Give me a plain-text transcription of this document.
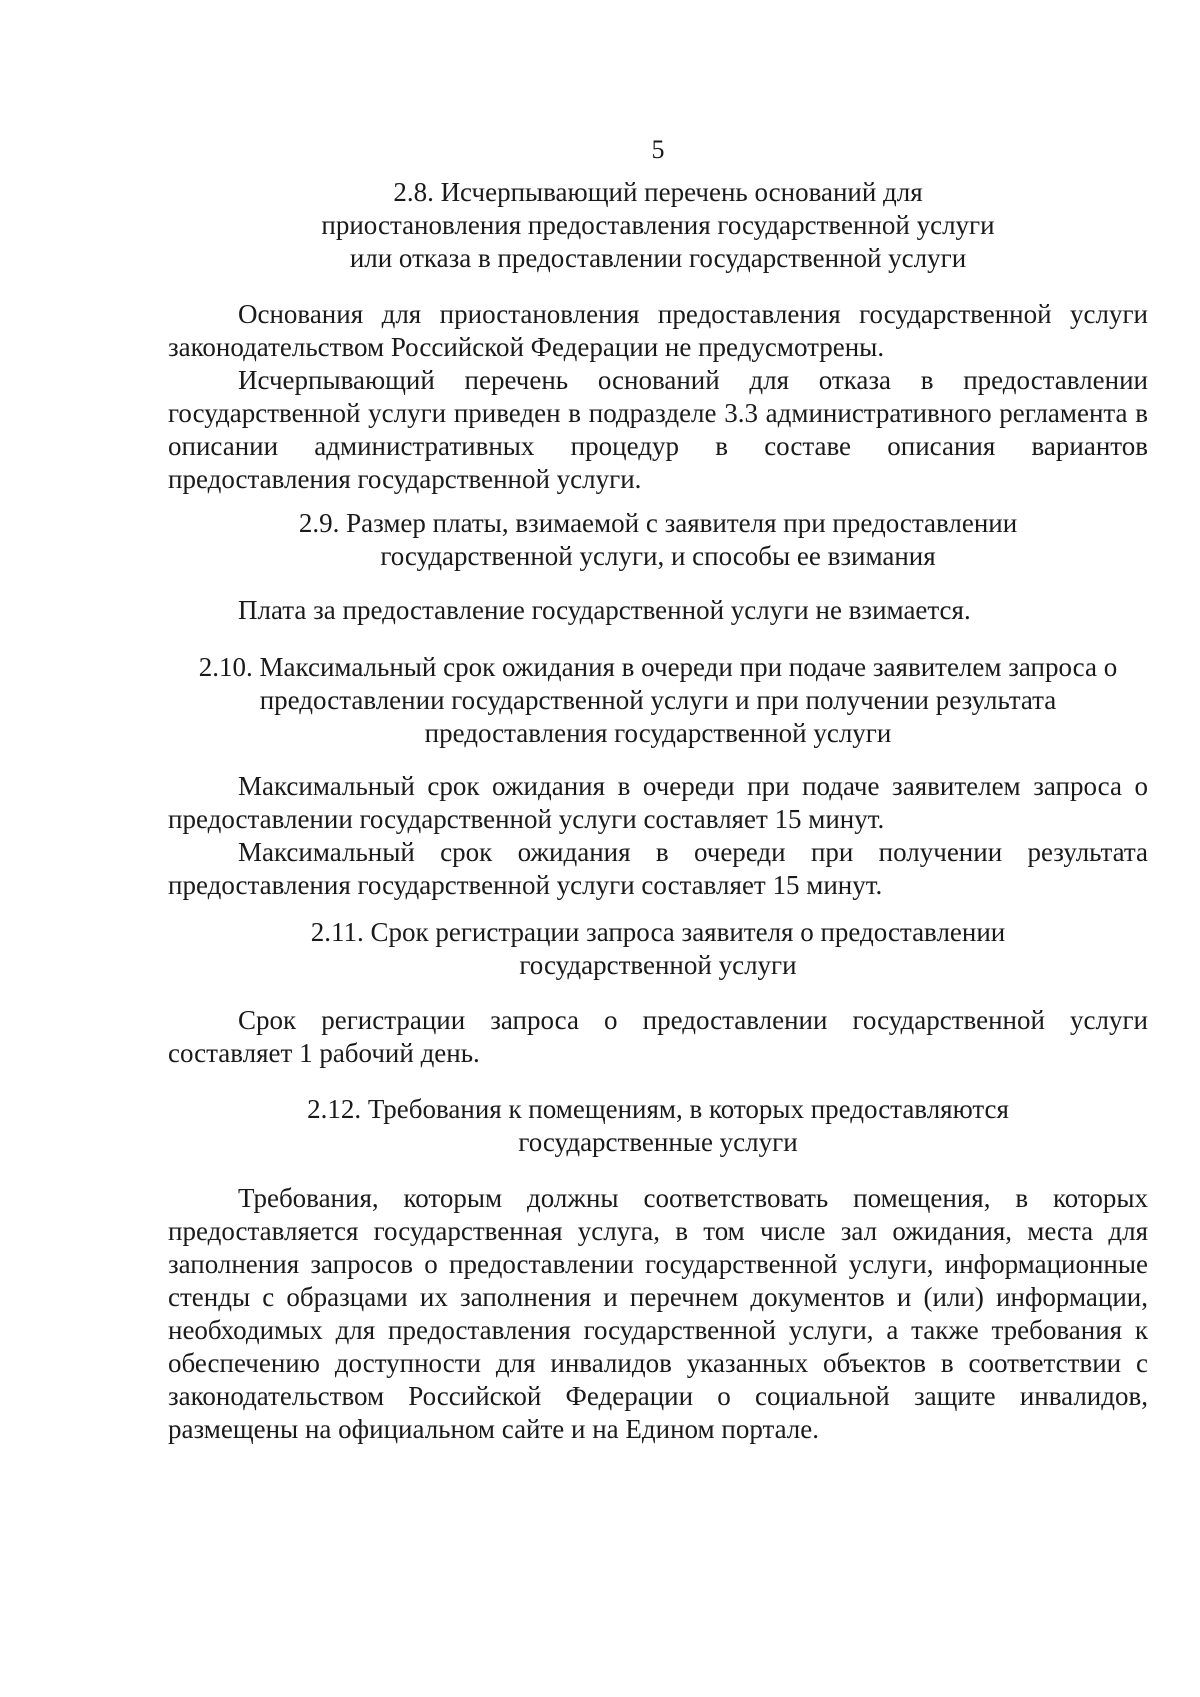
5
2.8. Исчерпывающий перечень оснований для
приостановления предоставления государственной услуги
или отказа в предоставлении государственной услуги

Основания для приостановления предоставления государственной услуги законодательством Российской Федерации не предусмотрены.

Исчерпывающий перечень оснований для отказа в предоставлении государственной услуги приведен в подразделе 3.3 административного регламента в описании административных процедур в составе описания вариантов предоставления государственной услуги.

2.9. Размер платы, взимаемой с заявителя при предоставлении
государственной услуги, и способы ее взимания

Плата за предоставление государственной услуги не взимается.

2.10. Максимальный срок ожидания в очереди при подаче заявителем запроса о
предоставлении государственной услуги и при получении результата
предоставления государственной услуги

Максимальный срок ожидания в очереди при подаче заявителем запроса о предоставлении государственной услуги составляет 15 минут.

Максимальный срок ожидания в очереди при получении результата предоставления государственной услуги составляет 15 минут.

2.11. Срок регистрации запроса заявителя о предоставлении
государственной услуги

Срок регистрации запроса о предоставлении государственной услуги составляет 1 рабочий день.

2.12. Требования к помещениям, в которых предоставляются
государственные услуги

Требования, которым должны соответствовать помещения, в которых предоставляется государственная услуга, в том числе зал ожидания, места для заполнения запросов о предоставлении государственной услуги, информационные стенды с образцами их заполнения и перечнем документов и (или) информации, необходимых для предоставления государственной услуги, а также требования к обеспечению доступности для инвалидов указанных объектов в соответствии с законодательством Российской Федерации о социальной защите инвалидов, размещены на официальном сайте и на Едином портале.
